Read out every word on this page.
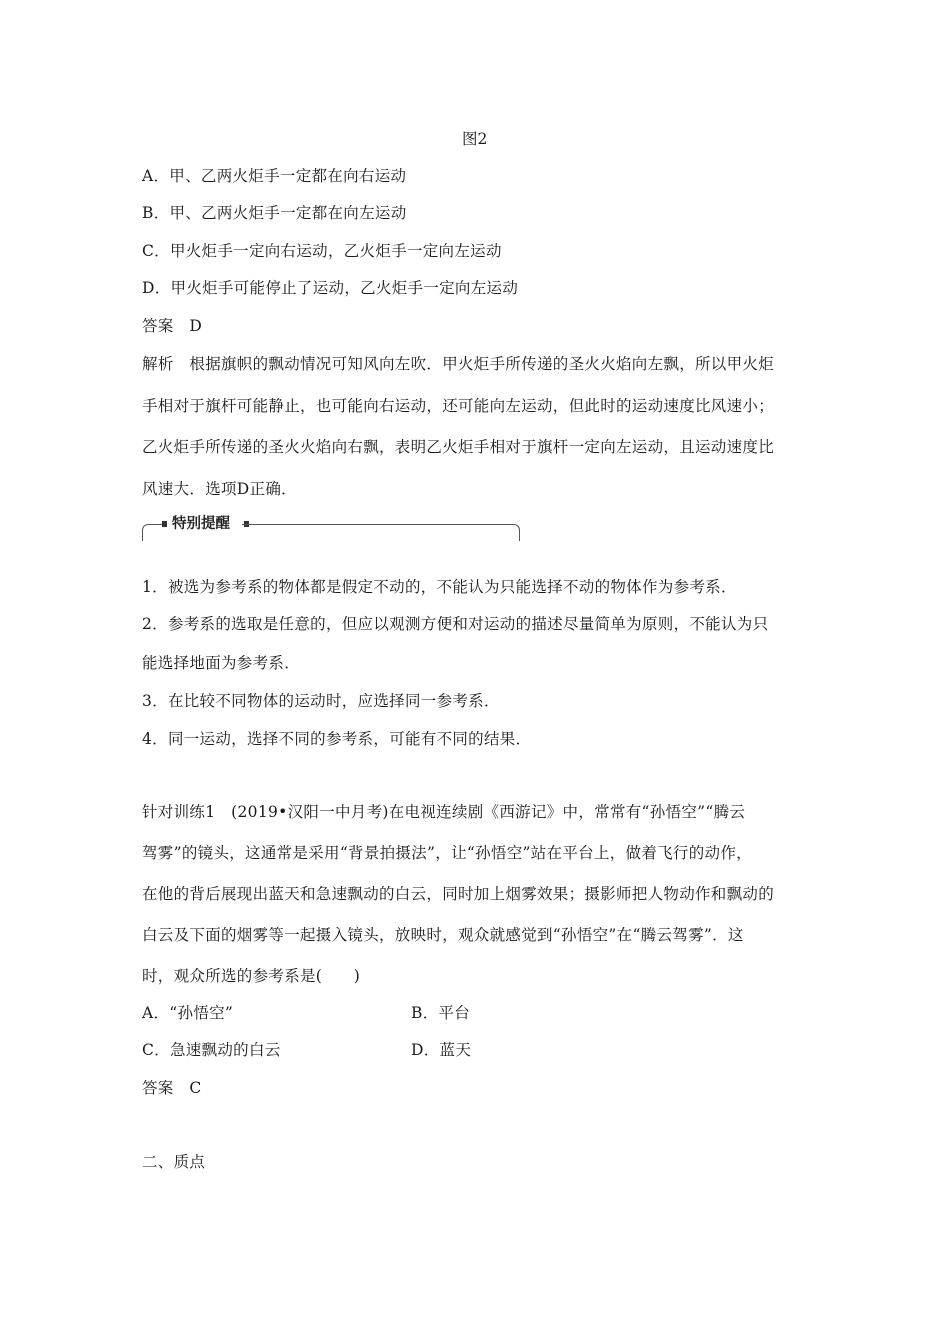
图2
A．甲、乙两火炬手一定都在向右运动
B．甲、乙两火炬手一定都在向左运动
C．甲火炬手一定向右运动，乙火炬手一定向左运动
D．甲火炬手可能停止了运动，乙火炬手一定向左运动
答案　D
解析　根据旗帜的飘动情况可知风向左吹．甲火炬手所传递的圣火火焰向左飘，所以甲火炬
手相对于旗杆可能静止，也可能向右运动，还可能向左运动，但此时的运动速度比风速小；
乙火炬手所传递的圣火火焰向右飘，表明乙火炬手相对于旗杆一定向左运动，且运动速度比
风速大．选项D正确．
特别提醒
1．被选为参考系的物体都是假定不动的，不能认为只能选择不动的物体作为参考系．
2．参考系的选取是任意的，但应以观测方便和对运动的描述尽量简单为原则，不能认为只
能选择地面为参考系．
3．在比较不同物体的运动时，应选择同一参考系．
4．同一运动，选择不同的参考系，可能有不同的结果．
针对训练1　(2019•汉阳一中月考)在电视连续剧《西游记》中，常常有“孙悟空”“腾云
驾雾”的镜头，这通常是采用“背景拍摄法”，让“孙悟空”站在平台上，做着飞行的动作，
在他的背后展现出蓝天和急速飘动的白云，同时加上烟雾效果；摄影师把人物动作和飘动的
白云及下面的烟雾等一起摄入镜头，放映时，观众就感觉到“孙悟空”在“腾云驾雾”．这
时，观众所选的参考系是(　　)
A．“孙悟空”	B．平台
C．急速飘动的白云	D．蓝天
答案　C
二、质点
